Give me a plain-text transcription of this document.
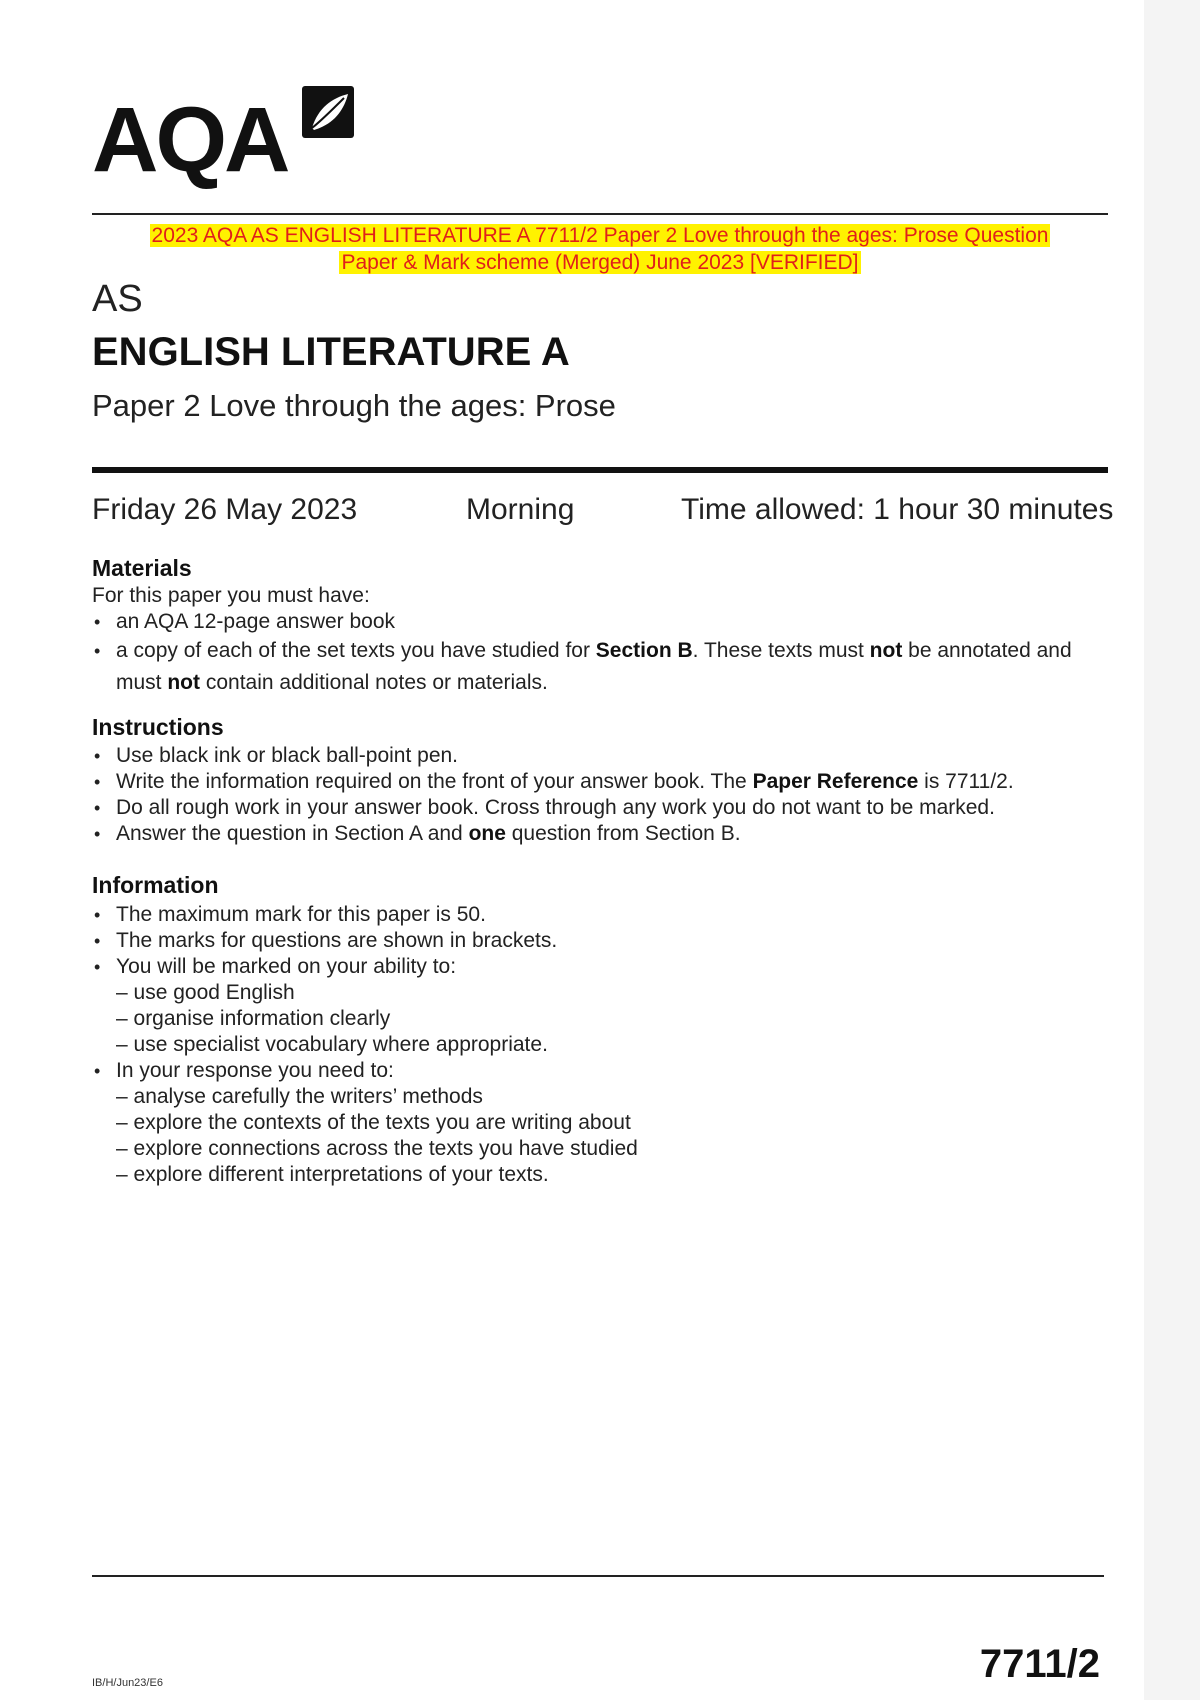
AQA
2023 AQA AS ENGLISH LITERATURE A 7711/2 Paper 2 Love through the ages: Prose Question
Paper & Mark scheme (Merged) June 2023 [VERIFIED]
AS
ENGLISH LITERATURE A
Paper 2 Love through the ages: Prose
Friday 26 May 2023	Morning	Time allowed: 1 hour 30 minutes
Materials
For this paper you must have:
• an AQA 12-page answer book
• a copy of each of the set texts you have studied for Section B. These texts must not be annotated and must not contain additional notes or materials.
Instructions
• Use black ink or black ball-point pen.
• Write the information required on the front of your answer book. The Paper Reference is 7711/2.
• Do all rough work in your answer book. Cross through any work you do not want to be marked.
• Answer the question in Section A and one question from Section B.
Information
• The maximum mark for this paper is 50.
• The marks for questions are shown in brackets.
• You will be marked on your ability to:
– use good English
– organise information clearly
– use specialist vocabulary where appropriate.
• In your response you need to:
– analyse carefully the writers’ methods
– explore the contexts of the texts you are writing about
– explore connections across the texts you have studied
– explore different interpretations of your texts.
IB/H/Jun23/E6	7711/2
